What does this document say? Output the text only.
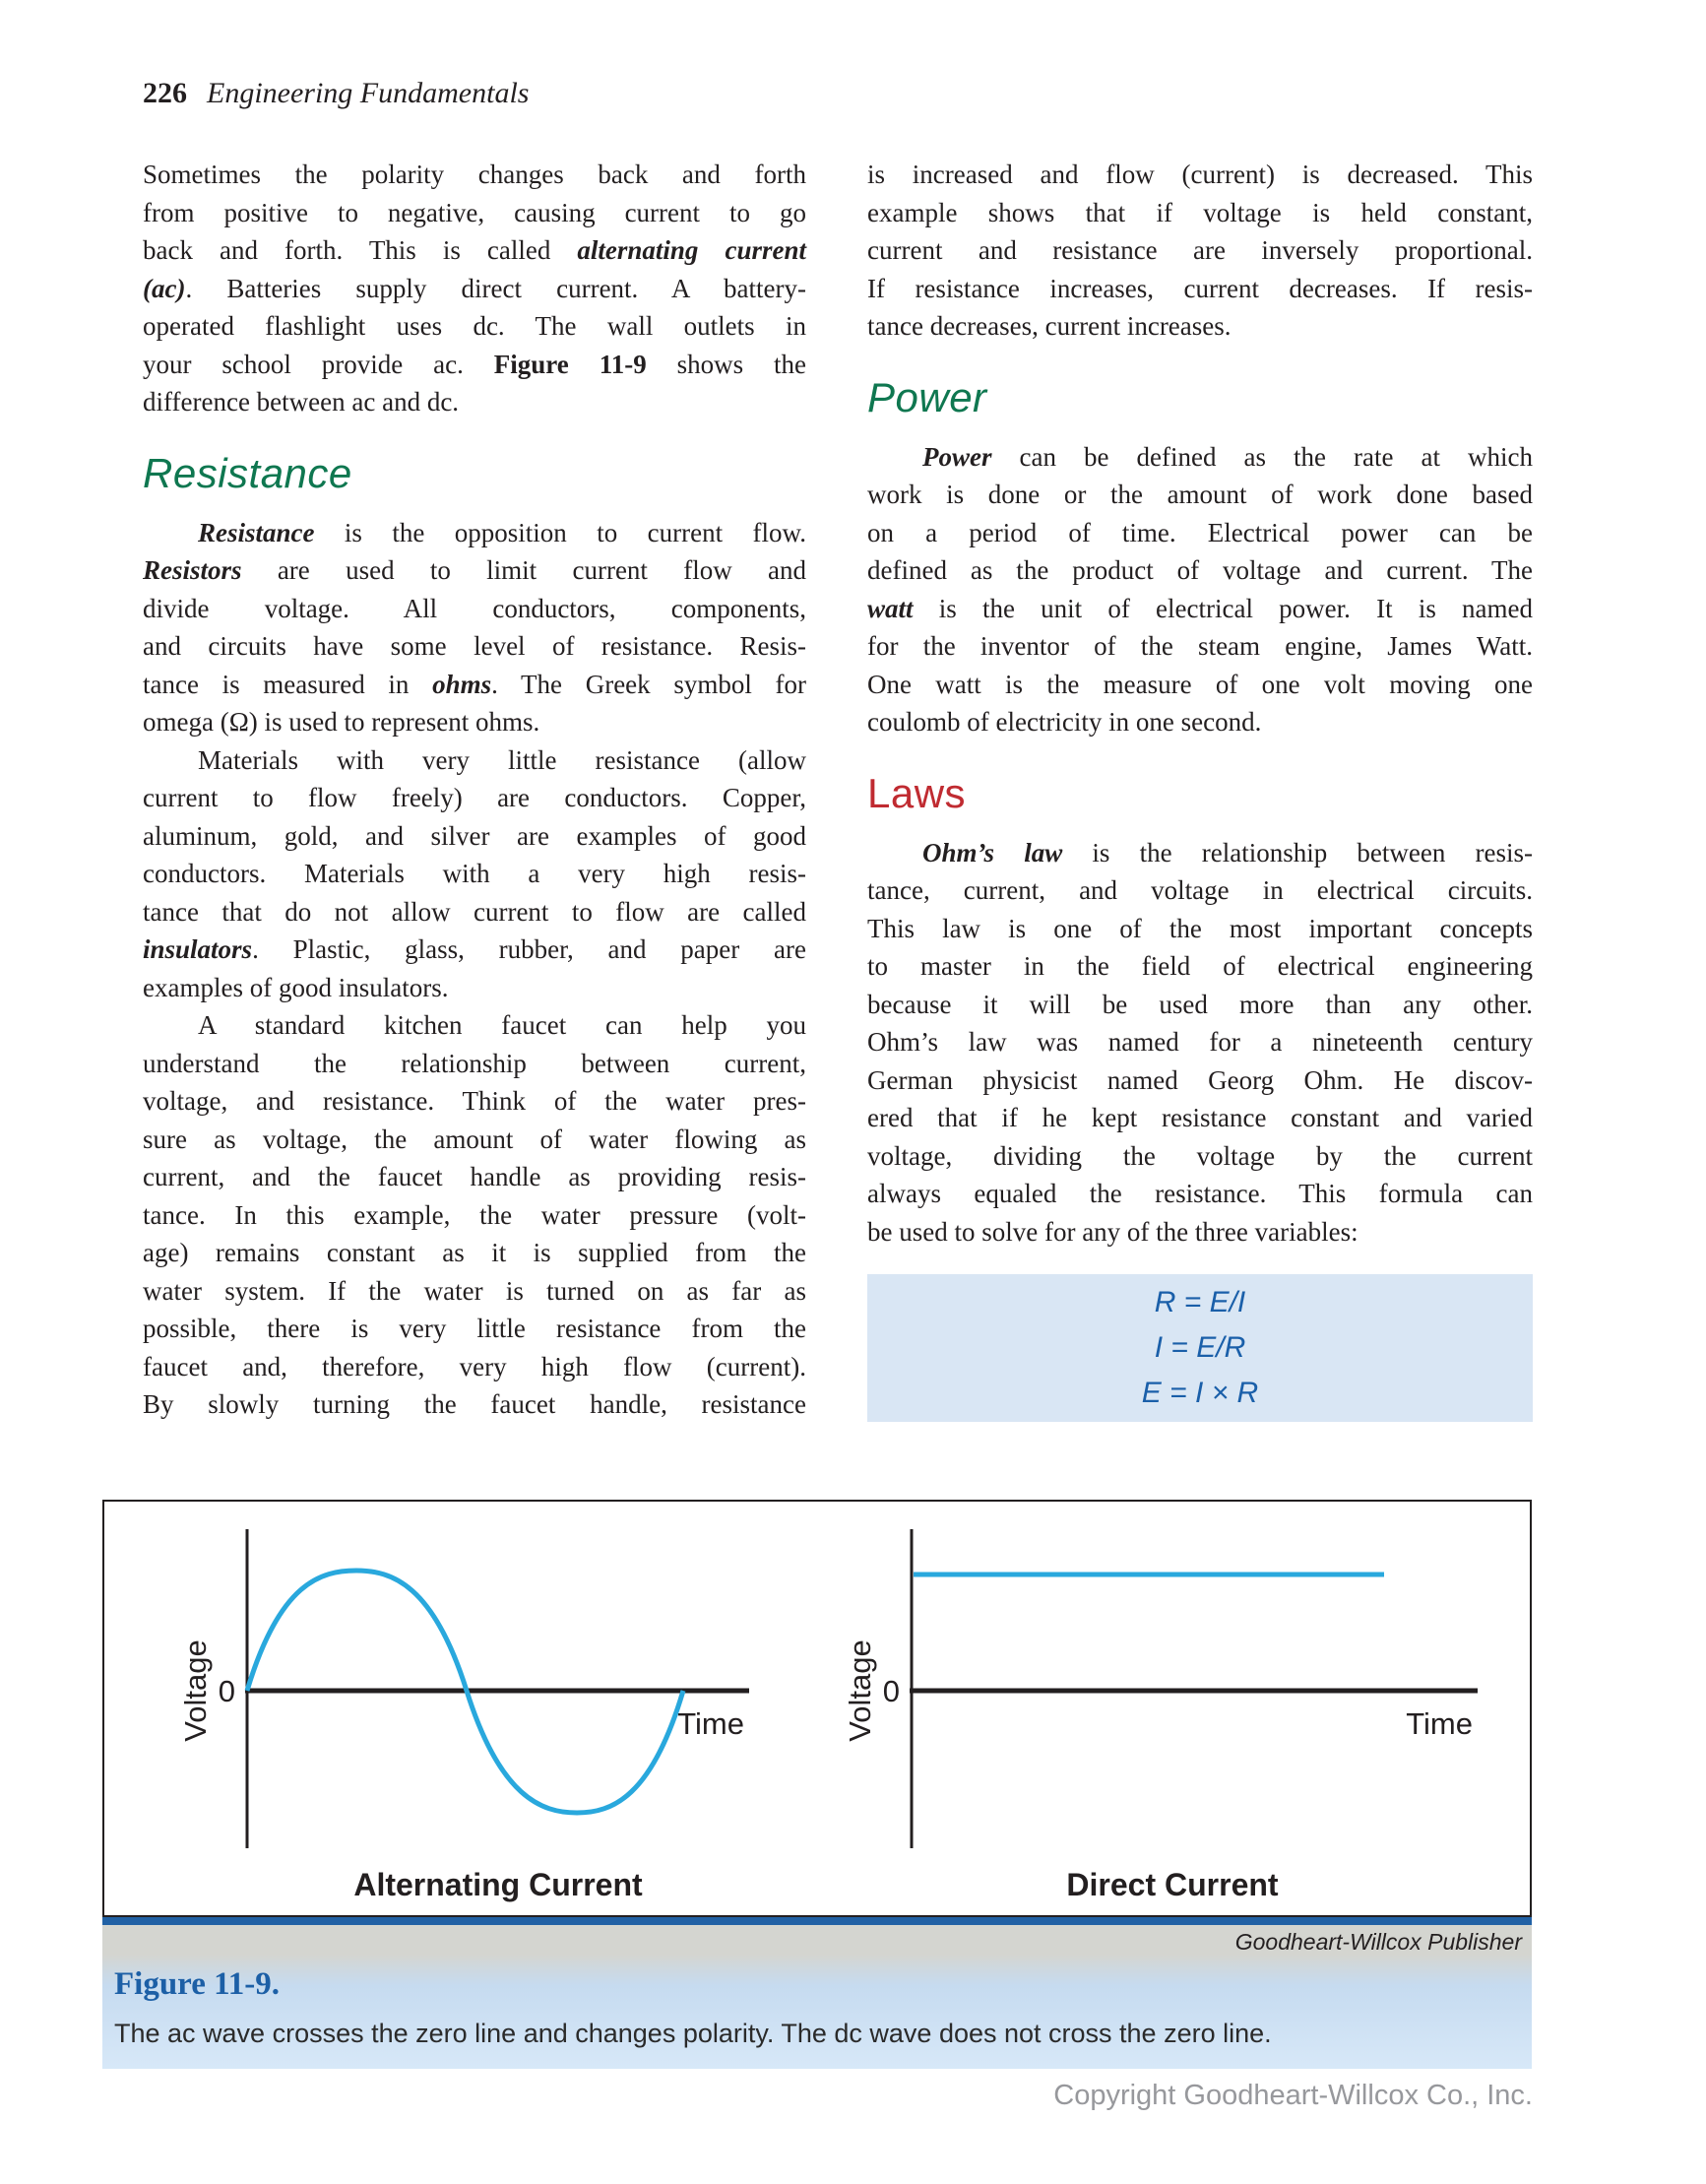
226 Engineering Fundamentals
Sometimes the polarity changes back and forth
from positive to negative, causing current to go
back and forth. This is called alternating current
(ac). Batteries supply direct current. A battery-
operated flashlight uses dc. The wall outlets in
your school provide ac. Figure 11-9 shows the
difference between ac and dc.
Resistance
Resistance is the opposition to current flow.
Resistors are used to limit current flow and
divide voltage. All conductors, components,
and circuits have some level of resistance. Resis-
tance is measured in ohms. The Greek symbol for
omega (Ω) is used to represent ohms.
Materials with very little resistance (allow
current to flow freely) are conductors. Copper,
aluminum, gold, and silver are examples of good
conductors. Materials with a very high resis-
tance that do not allow current to flow are called
insulators. Plastic, glass, rubber, and paper are
examples of good insulators.
A standard kitchen faucet can help you
understand the relationship between current,
voltage, and resistance. Think of the water pres-
sure as voltage, the amount of water flowing as
current, and the faucet handle as providing resis-
tance. In this example, the water pressure (volt-
age) remains constant as it is supplied from the
water system. If the water is turned on as far as
possible, there is very little resistance from the
faucet and, therefore, very high flow (current).
By slowly turning the faucet handle, resistance
is increased and flow (current) is decreased. This
example shows that if voltage is held constant,
current and resistance are inversely proportional.
If resistance increases, current decreases. If resis-
tance decreases, current increases.
Power
Power can be defined as the rate at which
work is done or the amount of work done based
on a period of time. Electrical power can be
defined as the product of voltage and current. The
watt is the unit of electrical power. It is named
for the inventor of the steam engine, James Watt.
One watt is the measure of one volt moving one
coulomb of electricity in one second.
Laws
Ohm’s law is the relationship between resis-
tance, current, and voltage in electrical circuits.
This law is one of the most important concepts
to master in the field of electrical engineering
because it will be used more than any other.
Ohm’s law was named for a nineteenth century
German physicist named Georg Ohm. He discov-
ered that if he kept resistance constant and varied
voltage, dividing the voltage by the current
always equaled the resistance. This formula can
be used to solve for any of the three variables:
R = E/I
I = E/R
E = I × R
Voltage 0
Time
Alternating Current
Voltage 0
Time
Direct Current
Goodheart-Willcox Publisher
Figure 11-9.
The ac wave crosses the zero line and changes polarity. The dc wave does not cross the zero line.
Copyright Goodheart-Willcox Co., Inc.
